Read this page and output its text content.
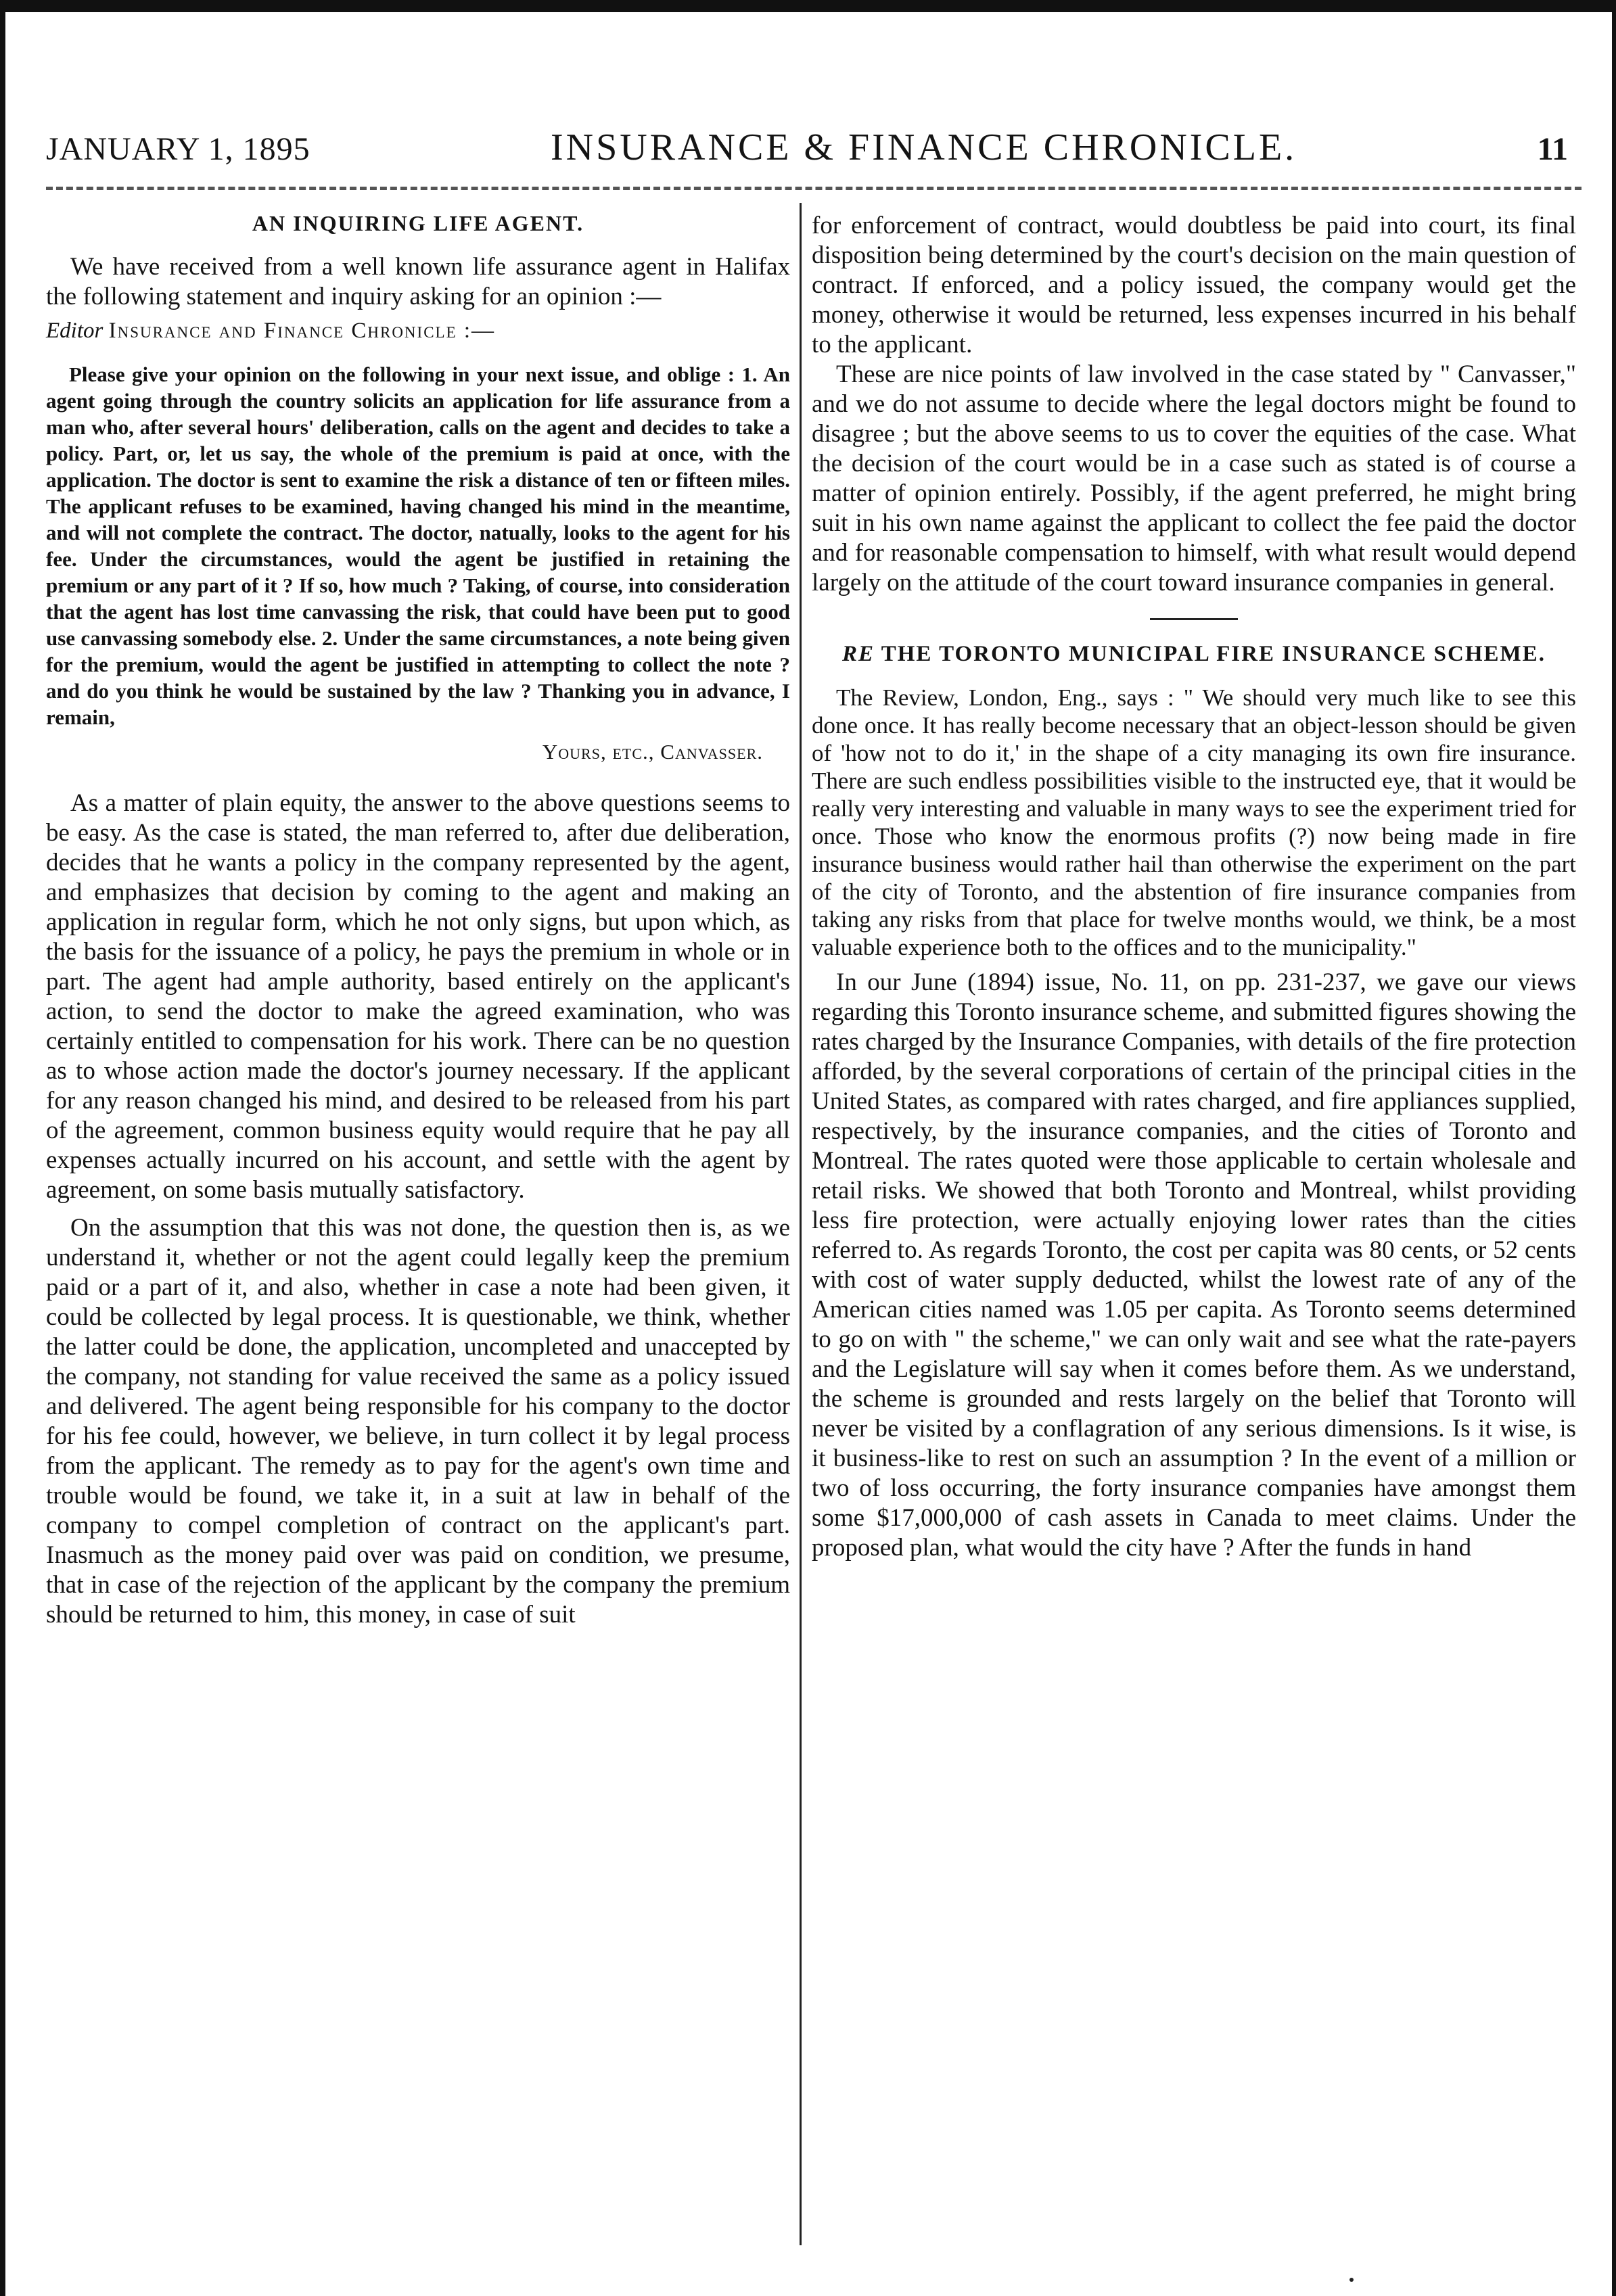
JANUARY 1, 1895	INSURANCE & FINANCE CHRONICLE.	11
AN INQUIRING LIFE AGENT.

We have received from a well known life assurance agent in Halifax the following statement and inquiry asking for an opinion :—

Editor Insurance and Finance Chronicle :—

Please give your opinion on the following in your next issue, and oblige : 1. An agent going through the country solicits an application for life assurance from a man who, after several hours' deliberation, calls on the agent and decides to take a policy. Part, or, let us say, the whole of the premium is paid at once, with the application. The doctor is sent to examine the risk a distance of ten or fifteen miles. The applicant refuses to be examined, having changed his mind in the meantime, and will not complete the contract. The doctor, natually, looks to the agent for his fee. Under the circumstances, would the agent be justified in retaining the premium or any part of it ? If so, how much ? Taking, of course, into consideration that the agent has lost time canvassing the risk, that could have been put to good use canvassing somebody else. 2. Under the same circumstances, a note being given for the premium, would the agent be justified in attempting to collect the note ? and do you think he would be sustained by the law ? Thanking you in advance, I remain,

Yours, etc., Canvasser.

As a matter of plain equity, the answer to the above questions seems to be easy. As the case is stated, the man referred to, after due deliberation, decides that he wants a policy in the company represented by the agent, and emphasizes that decision by coming to the agent and making an application in regular form, which he not only signs, but upon which, as the basis for the issuance of a policy, he pays the premium in whole or in part. The agent had ample authority, based entirely on the applicant's action, to send the doctor to make the agreed examination, who was certainly entitled to compensation for his work. There can be no question as to whose action made the doctor's journey necessary. If the applicant for any reason changed his mind, and desired to be released from his part of the agreement, common business equity would require that he pay all expenses actually incurred on his account, and settle with the agent by agreement, on some basis mutually satisfactory.

On the assumption that this was not done, the question then is, as we understand it, whether or not the agent could legally keep the premium paid or a part of it, and also, whether in case a note had been given, it could be collected by legal process. It is questionable, we think, whether the latter could be done, the application, uncompleted and unaccepted by the company, not standing for value received the same as a policy issued and delivered. The agent being responsible for his company to the doctor for his fee could, however, we believe, in turn collect it by legal process from the applicant. The remedy as to pay for the agent's own time and trouble would be found, we take it, in a suit at law in behalf of the company to compel completion of contract on the applicant's part. Inasmuch as the money paid over was paid on condition, we presume, that in case of the rejection of the applicant by the company the premium should be returned to him, this money, in case of suit

for enforcement of contract, would doubtless be paid into court, its final disposition being determined by the court's decision on the main question of contract. If enforced, and a policy issued, the company would get the money, otherwise it would be returned, less expenses incurred in his behalf to the applicant.

These are nice points of law involved in the case stated by " Canvasser," and we do not assume to decide where the legal doctors might be found to disagree ; but the above seems to us to cover the equities of the case. What the decision of the court would be in a case such as stated is of course a matter of opinion entirely. Possibly, if the agent preferred, he might bring suit in his own name against the applicant to collect the fee paid the doctor and for reasonable compensation to himself, with what result would depend largely on the attitude of the court toward insurance companies in general.

RE THE TORONTO MUNICIPAL FIRE INSURANCE SCHEME.

The Review, London, Eng., says : " We should very much like to see this done once. It has really become necessary that an object-lesson should be given of 'how not to do it,' in the shape of a city managing its own fire insurance. There are such endless possibilities visible to the instructed eye, that it would be really very interesting and valuable in many ways to see the experiment tried for once. Those who know the enormous profits (?) now being made in fire insurance business would rather hail than otherwise the experiment on the part of the city of Toronto, and the abstention of fire insurance companies from taking any risks from that place for twelve months would, we think, be a most valuable experience both to the offices and to the municipality."

In our June (1894) issue, No. 11, on pp. 231-237, we gave our views regarding this Toronto insurance scheme, and submitted figures showing the rates charged by the Insurance Companies, with details of the fire protection afforded, by the several corporations of certain of the principal cities in the United States, as compared with rates charged, and fire appliances supplied, respectively, by the insurance companies, and the cities of Toronto and Montreal. The rates quoted were those applicable to certain wholesale and retail risks. We showed that both Toronto and Montreal, whilst providing less fire protection, were actually enjoying lower rates than the cities referred to. As regards Toronto, the cost per capita was 80 cents, or 52 cents with cost of water supply deducted, whilst the lowest rate of any of the American cities named was 1.05 per capita. As Toronto seems determined to go on with " the scheme," we can only wait and see what the rate-payers and the Legislature will say when it comes before them. As we understand, the scheme is grounded and rests largely on the belief that Toronto will never be visited by a conflagration of any serious dimensions. Is it wise, is it business-like to rest on such an assumption ? In the event of a million or two of loss occurring, the forty insurance companies have amongst them some $17,000,000 of cash assets in Canada to meet claims. Under the proposed plan, what would the city have ? After the funds in hand
